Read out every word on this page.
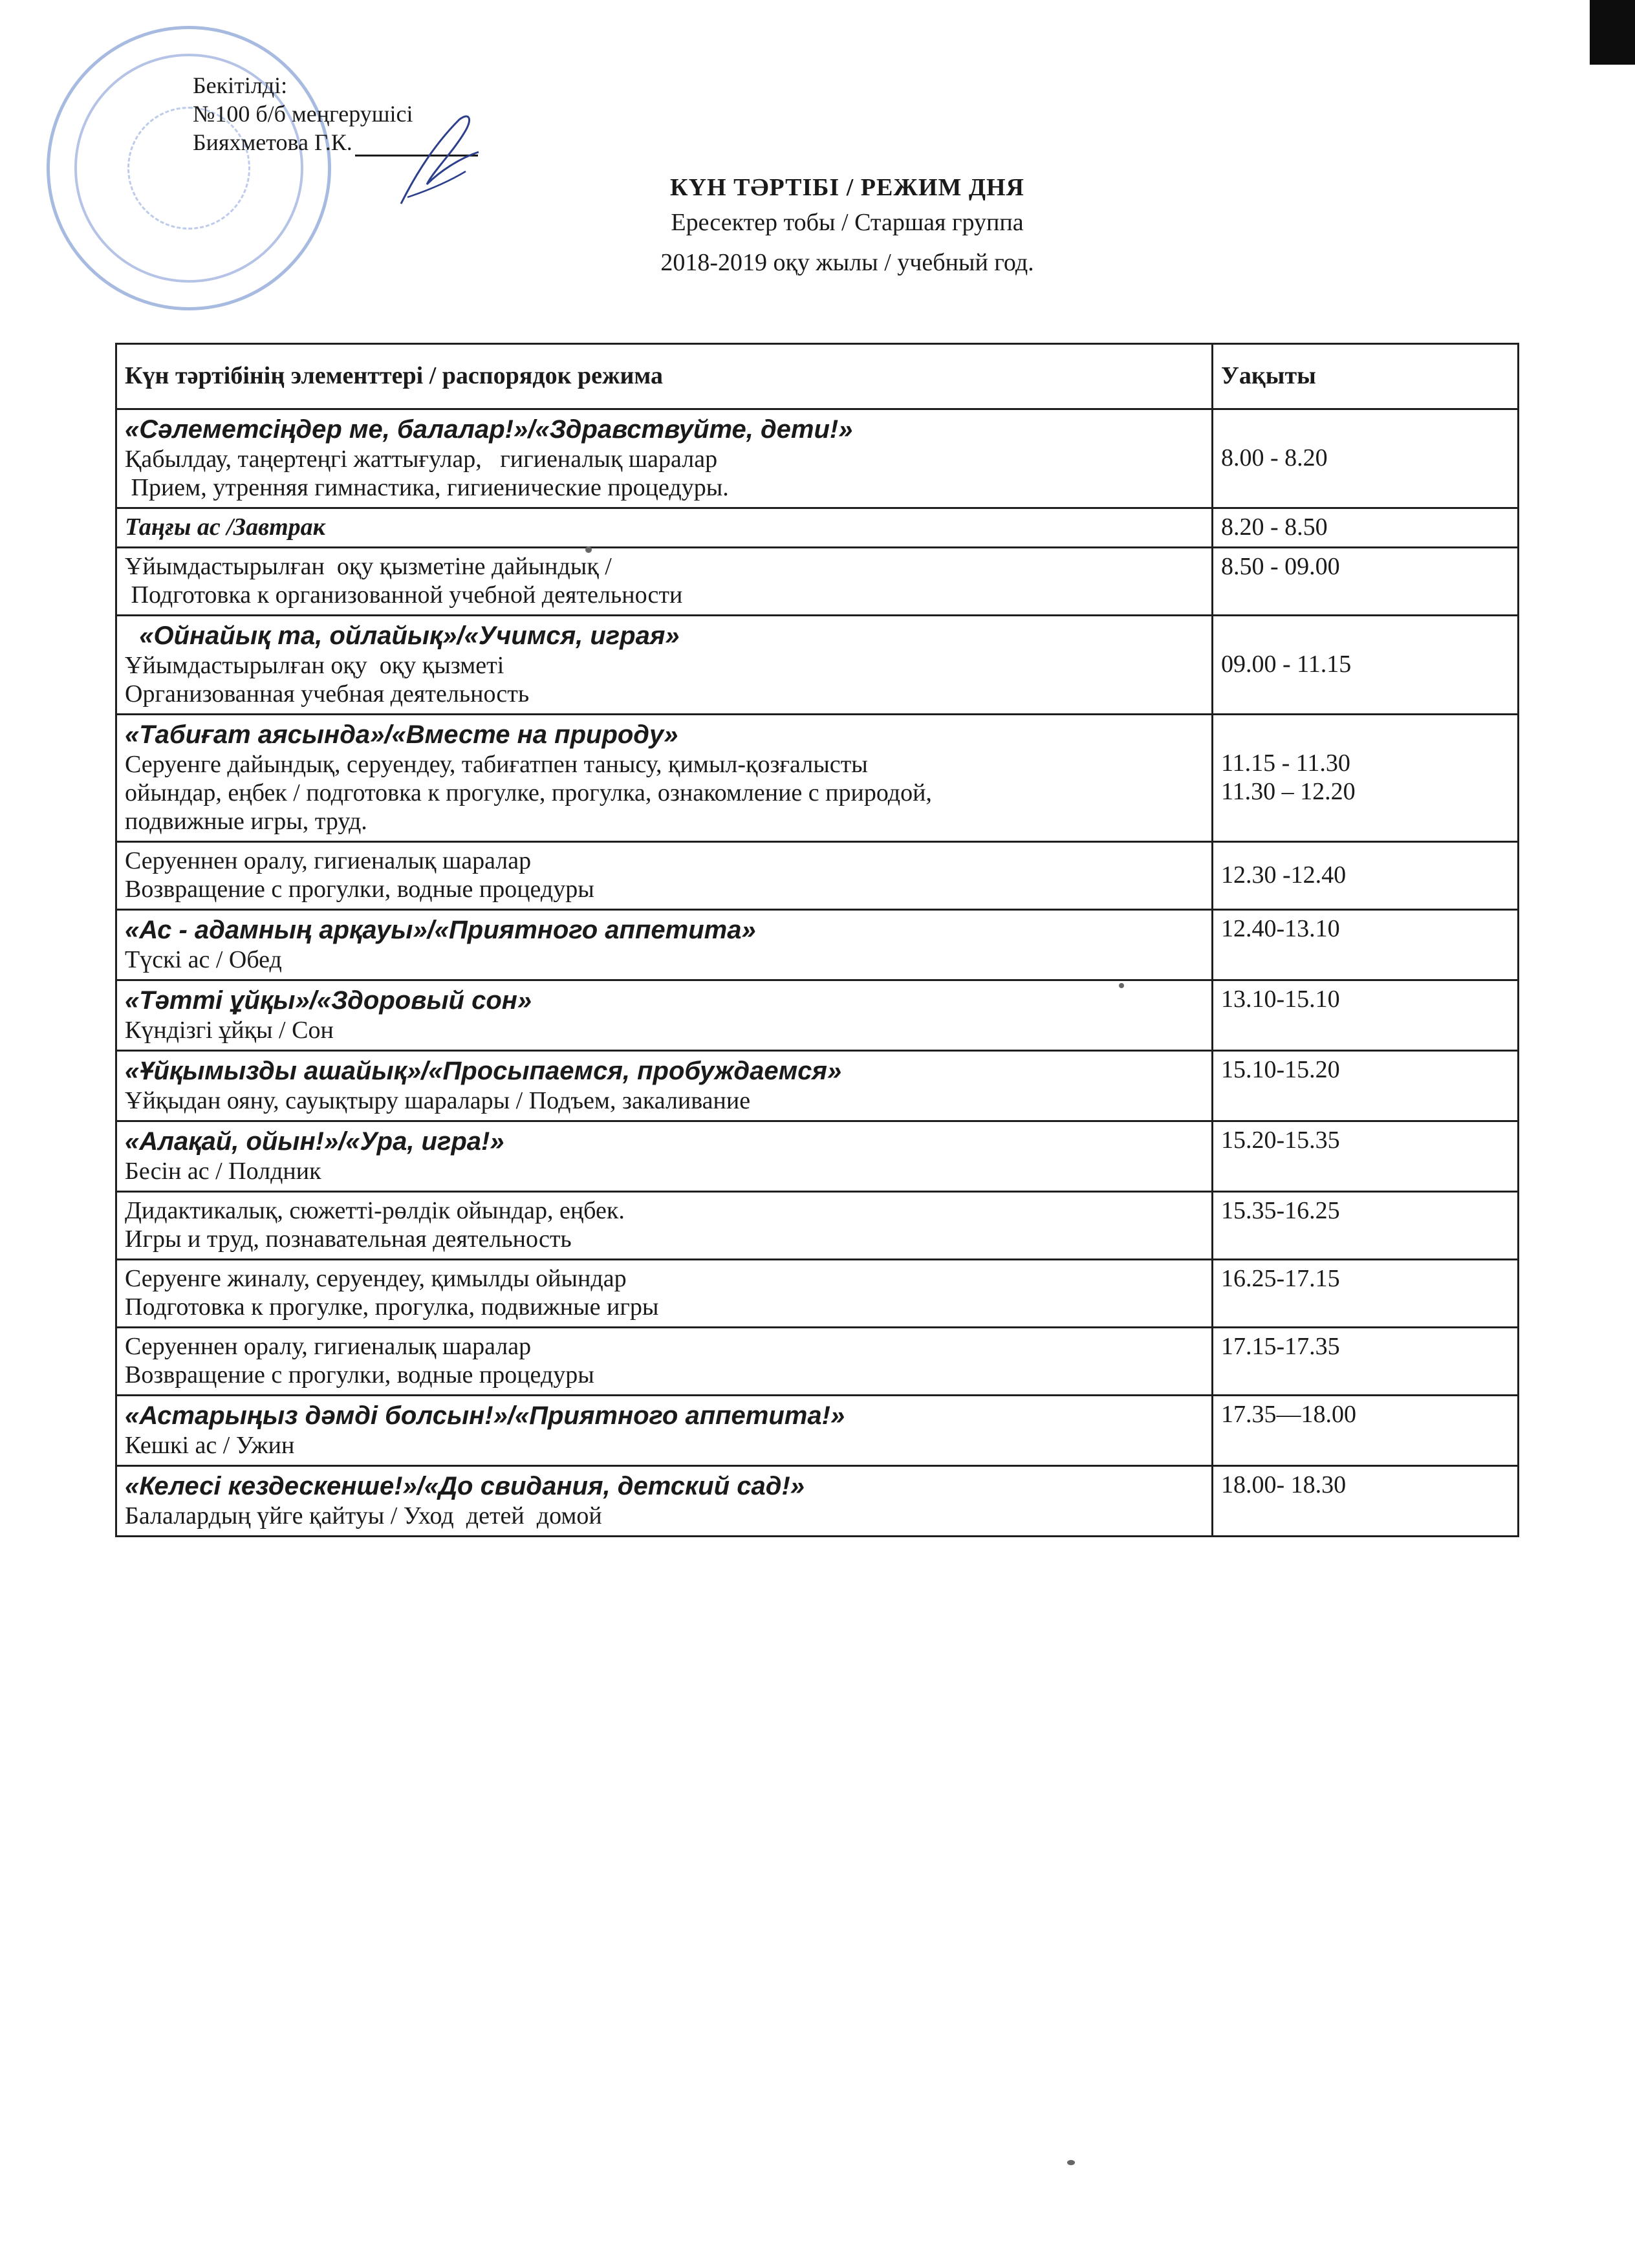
Бекітілді:
№100 б/б меңгерушісі
Бияхметова Г.К.
КҮН ТӘРТІБІ / РЕЖИМ ДНЯ
Ересектер тобы / Старшая группа
2018-2019 оқу жылы / учебный год.
Күн тәртібінің элементтері / распорядок режима	Уақыты

«Сәлеметсіңдер ме, балалар!»/«Здравствуйте, дети!»
Қабылдау, таңертеңгі жаттығулар,   гигиеналық шаралар
Прием, утренняя гимнастика, гигиенические процедуры.	8.00 - 8.20

Таңғы ас /Завтрак	8.20 - 8.50

Ұйымдастырылған  оқу қызметіне дайындық /
Подготовка к организованной учебной деятельности	8.50 - 09.00

«Ойнайық та, ойлайық»/«Учимся, играя»
Ұйымдастырылған оқу  оқу қызметі
Организованная учебная деятельность	09.00 - 11.15

«Табиғат аясында»/«Вместе на природу»
Серуенге дайындық, серуендеу, табиғатпен танысу, қимыл-қозғалысты
ойындар, еңбек / подготовка к прогулке, прогулка, ознакомление с природой,
подвижные игры, труд.	11.15 - 11.30
11.30 – 12.20

Серуеннен оралу, гигиеналық шаралар
Возвращение с прогулки, водные процедуры	12.30 -12.40

«Ас - адамның арқауы»/«Приятного аппетита»
Түскі ас / Обед	12.40-13.10

«Тәтті ұйқы»/«Здоровый сон»
Күндізгі ұйқы / Сон	13.10-15.10

«Ұйқымызды ашайық»/«Просыпаемся, пробуждаемся»
Ұйқыдан ояну, сауықтыру шаралары / Подъем, закаливание	15.10-15.20

«Алақай, ойын!»/«Ура, игра!»
Бесін ас / Полдник	15.20-15.35

Дидактикалық, сюжетті-рөлдік ойындар, еңбек.
Игры и труд, познавательная деятельность	15.35-16.25

Серуенге жиналу, серуендеу, қимылды ойындар
Подготовка к прогулке, прогулка, подвижные игры	16.25-17.15

Серуеннен оралу, гигиеналық шаралар
Возвращение с прогулки, водные процедуры	17.15-17.35

«Астарыңыз дәмді болсын!»/«Приятного аппетита!»
Кешкі ас / Ужин	17.35—18.00

«Келесі кездескенше!»/«До свидания, детский сад!»
Балалардың үйге қайтуы / Уход  детей  домой	18.00- 18.30
